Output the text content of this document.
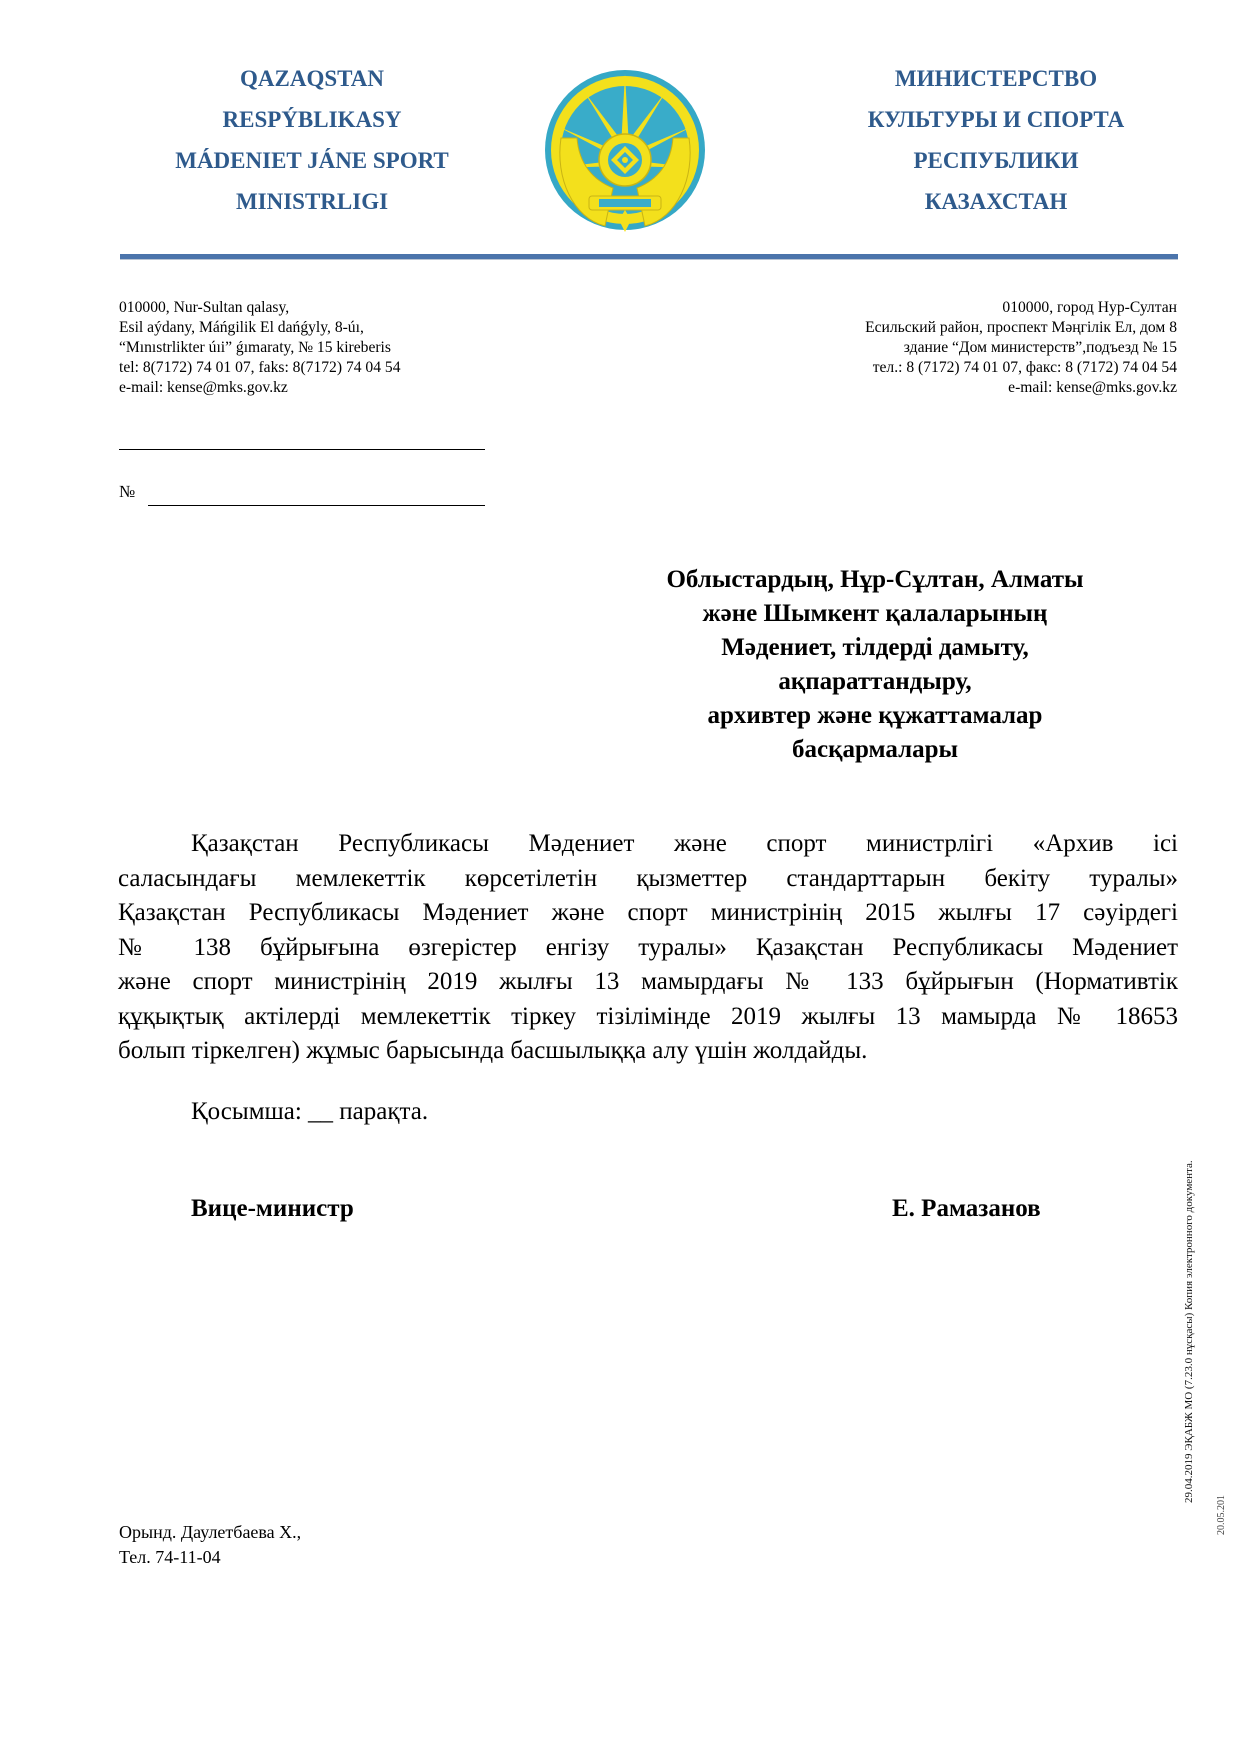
QAZAQSTAN
RESPÝBLIKASY
MÁDENIET JÁNE SPORT
MINISTRLIGI
МИНИСТЕРСТВО
КУЛЬТУРЫ И СПОРТА
РЕСПУБЛИКИ
КАЗАХСТАН
010000, Nur-Sultan qalasy,
Esil aýdany, Máńgilik El dańǵyly, 8-úı,
“Mınıstrlikter úıi” ǵımaraty, № 15 kireberis
tel: 8(7172) 74 01 07, faks: 8(7172) 74 04 54
e-mail: kense@mks.gov.kz
010000, город Нур-Султан
Есильский район, проспект Мәңгілік Ел, дом 8
здание “Дом министерств”,подъезд № 15
тел.: 8 (7172) 74 01 07, факс: 8 (7172) 74 04 54
e-mail: kense@mks.gov.kz
№
Облыстардың, Нұр-Сұлтан, Алматы
және Шымкент қалаларының
Мәдениет, тілдерді дамыту,
ақпараттандыру,
архивтер және құжаттамалар
басқармалары
Қазақстан Республикасы Мәдениет және спорт министрлігі «Архив ісі
саласындағы мемлекеттік көрсетілетін қызметтер стандарттарын бекіту туралы»
Қазақстан Республикасы Мәдениет және спорт министрінің 2015 жылғы 17 сәуірдегі
№ 138 бұйрығына өзгерістер енгізу туралы» Қазақстан Республикасы Мәдениет
және спорт министрінің 2019 жылғы 13 мамырдағы № 133 бұйрығын (Нормативтік
құқықтық актілерді мемлекеттік тіркеу тізілімінде 2019 жылғы 13 мамырда № 18653
болып тіркелген) жұмыс барысында басшылыққа алу үшін жолдайды.
Қосымша: __ парақта.
Вице-министр	Е. Рамазанов
Орынд. Даулетбаева Х.,
Тел. 74-11-04
29.04.2019 ЭҚАБЖ МО (7.23.0 нұсқасы) Копия электронного документа.
20.05.201
